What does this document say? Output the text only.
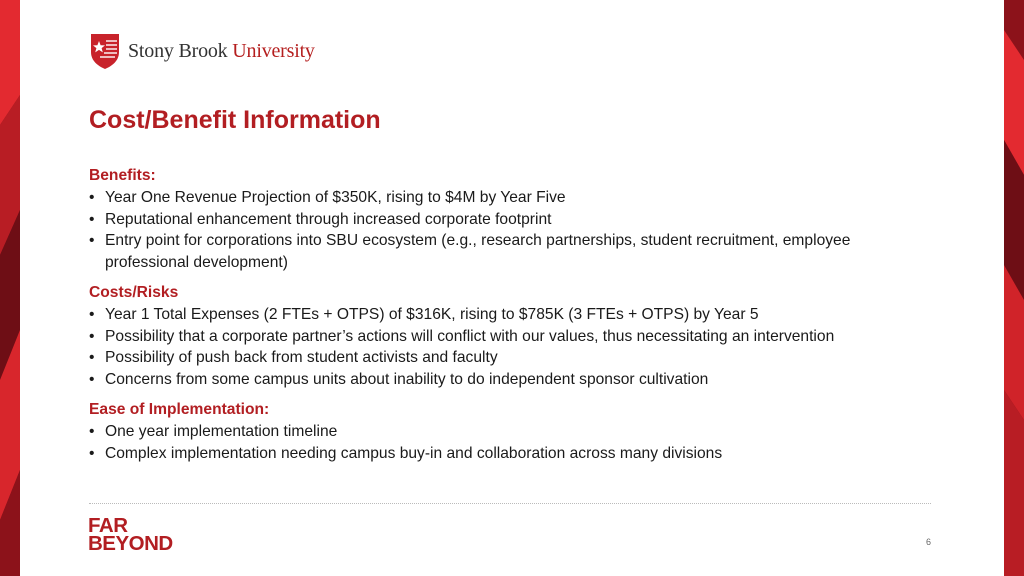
Stony Brook University
Cost/Benefit Information
Benefits:
• Year One Revenue Projection of $350K, rising to $4M by Year Five
• Reputational enhancement through increased corporate footprint
• Entry point for corporations into SBU ecosystem (e.g., research partnerships, student recruitment, employee professional development)
Costs/Risks
• Year 1 Total Expenses (2 FTEs + OTPS) of $316K, rising to $785K (3 FTEs + OTPS) by Year 5
• Possibility that a corporate partner’s actions will conflict with our values, thus necessitating an intervention
• Possibility of push back from student activists and faculty
• Concerns from some campus units about inability to do independent sponsor cultivation
Ease of Implementation:
• One year implementation timeline
• Complex implementation needing campus buy-in and collaboration across many divisions
FAR
BEYOND	6
